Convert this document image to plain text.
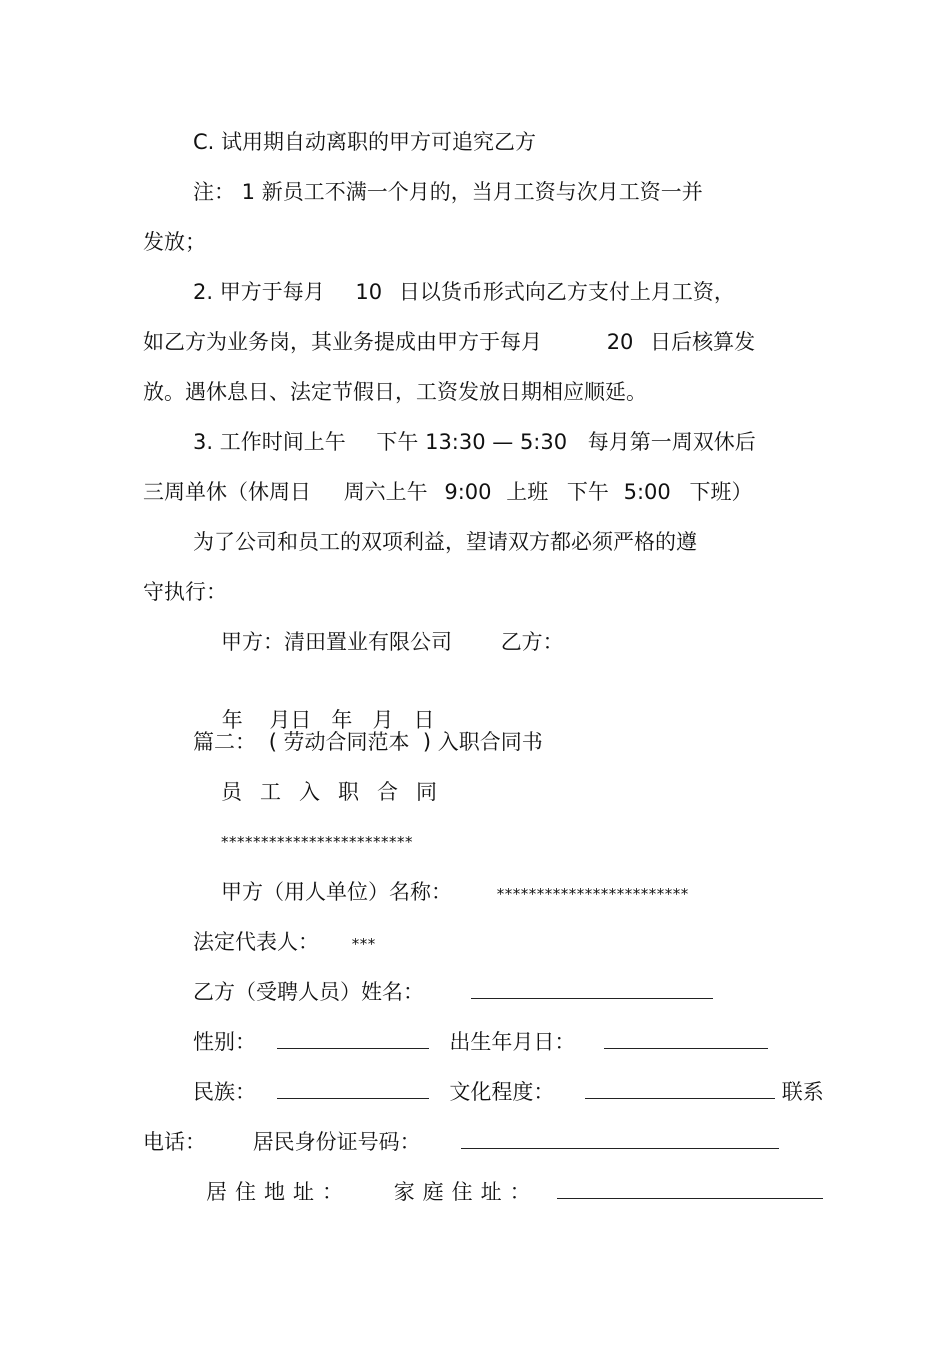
C. 试用期自动离职的甲方可追究乙方
注： 1 新员工不满一个月的，当月工资与次月工资一并
发放；
2. 甲方于每月 10 日以货币形式向乙方支付上月工资，
如乙方为业务岗，其业务提成由甲方于每月	20 日后核算发
放。遇休息日、法定节假日，工资发放日期相应顺延。
3. 工作时间上午 下午 13:30 — 5:30 每月第一周双休后
三周单休（休周日 周六上午 9:00 上班 下午 5:00 下班）
为了公司和员工的双项利益，望请双方都必须严格的遵
守执行：
甲方：清田置业有限公司 乙方：

年    月日   年   月   日

篇二： ( 劳动合同范本  ) 入职合同书
员工入职合同
************************
甲方（用人单位）名称：	************************
法定代表人： ***
乙方（受聘人员）姓名：
性别：	出生年月日：
民族：	文化程度：	联系
电话： 居民身份证号码：
居住地址： 家庭住址：
